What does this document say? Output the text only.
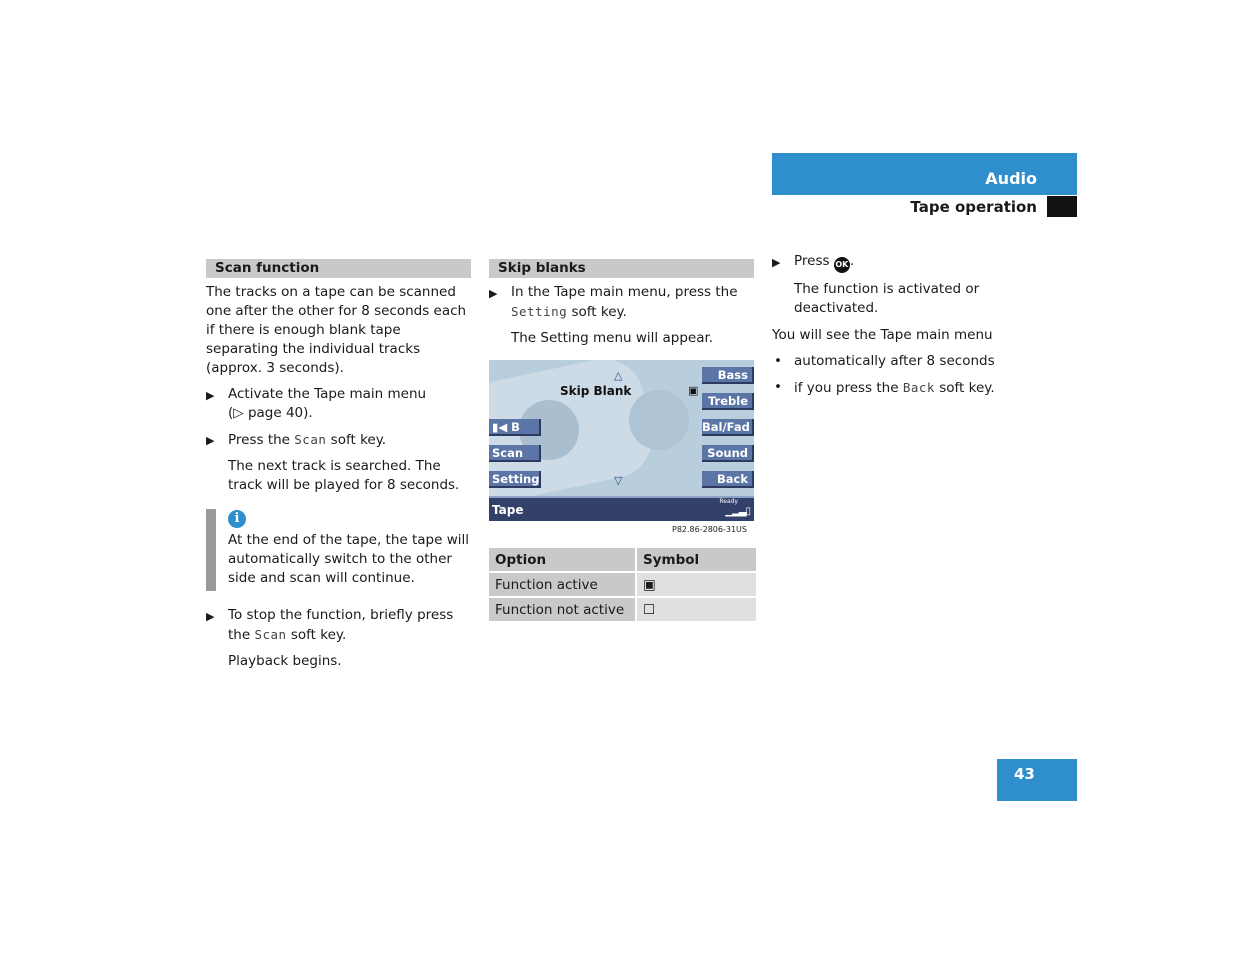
Audio
Tape operation
Scan function

The tracks on a tape can be scanned one after the other for 8 seconds each if there is enough blank tape separating the individual tracks (approx. 3 seconds).

▶ Activate the Tape main menu
(▷ page 40).
▶ Press the Scan soft key.

The next track is searched. The track will be played for 8 seconds.

i

At the end of the tape, the tape will automatically switch to the other side and scan will continue.

▶ To stop the function, briefly press the Scan soft key.

Playback begins.

Skip blanks
▶ In the Tape main menu, press the Setting soft key.

The Setting menu will appear.

△
Skip Blank	▣
▽
▮◀ B
Scan
Setting
Bass
Treble
Bal/Fad
Sound
Back
Tape
Ready
▁▂▃▯
P82.86-2806-31US
Option	Symbol
Function active	▣
Function not active	☐
▶ Press OK .

The function is activated or deactivated.

You will see the Tape main menu

• automatically after 8 seconds
• if you press the Back soft key.
43
